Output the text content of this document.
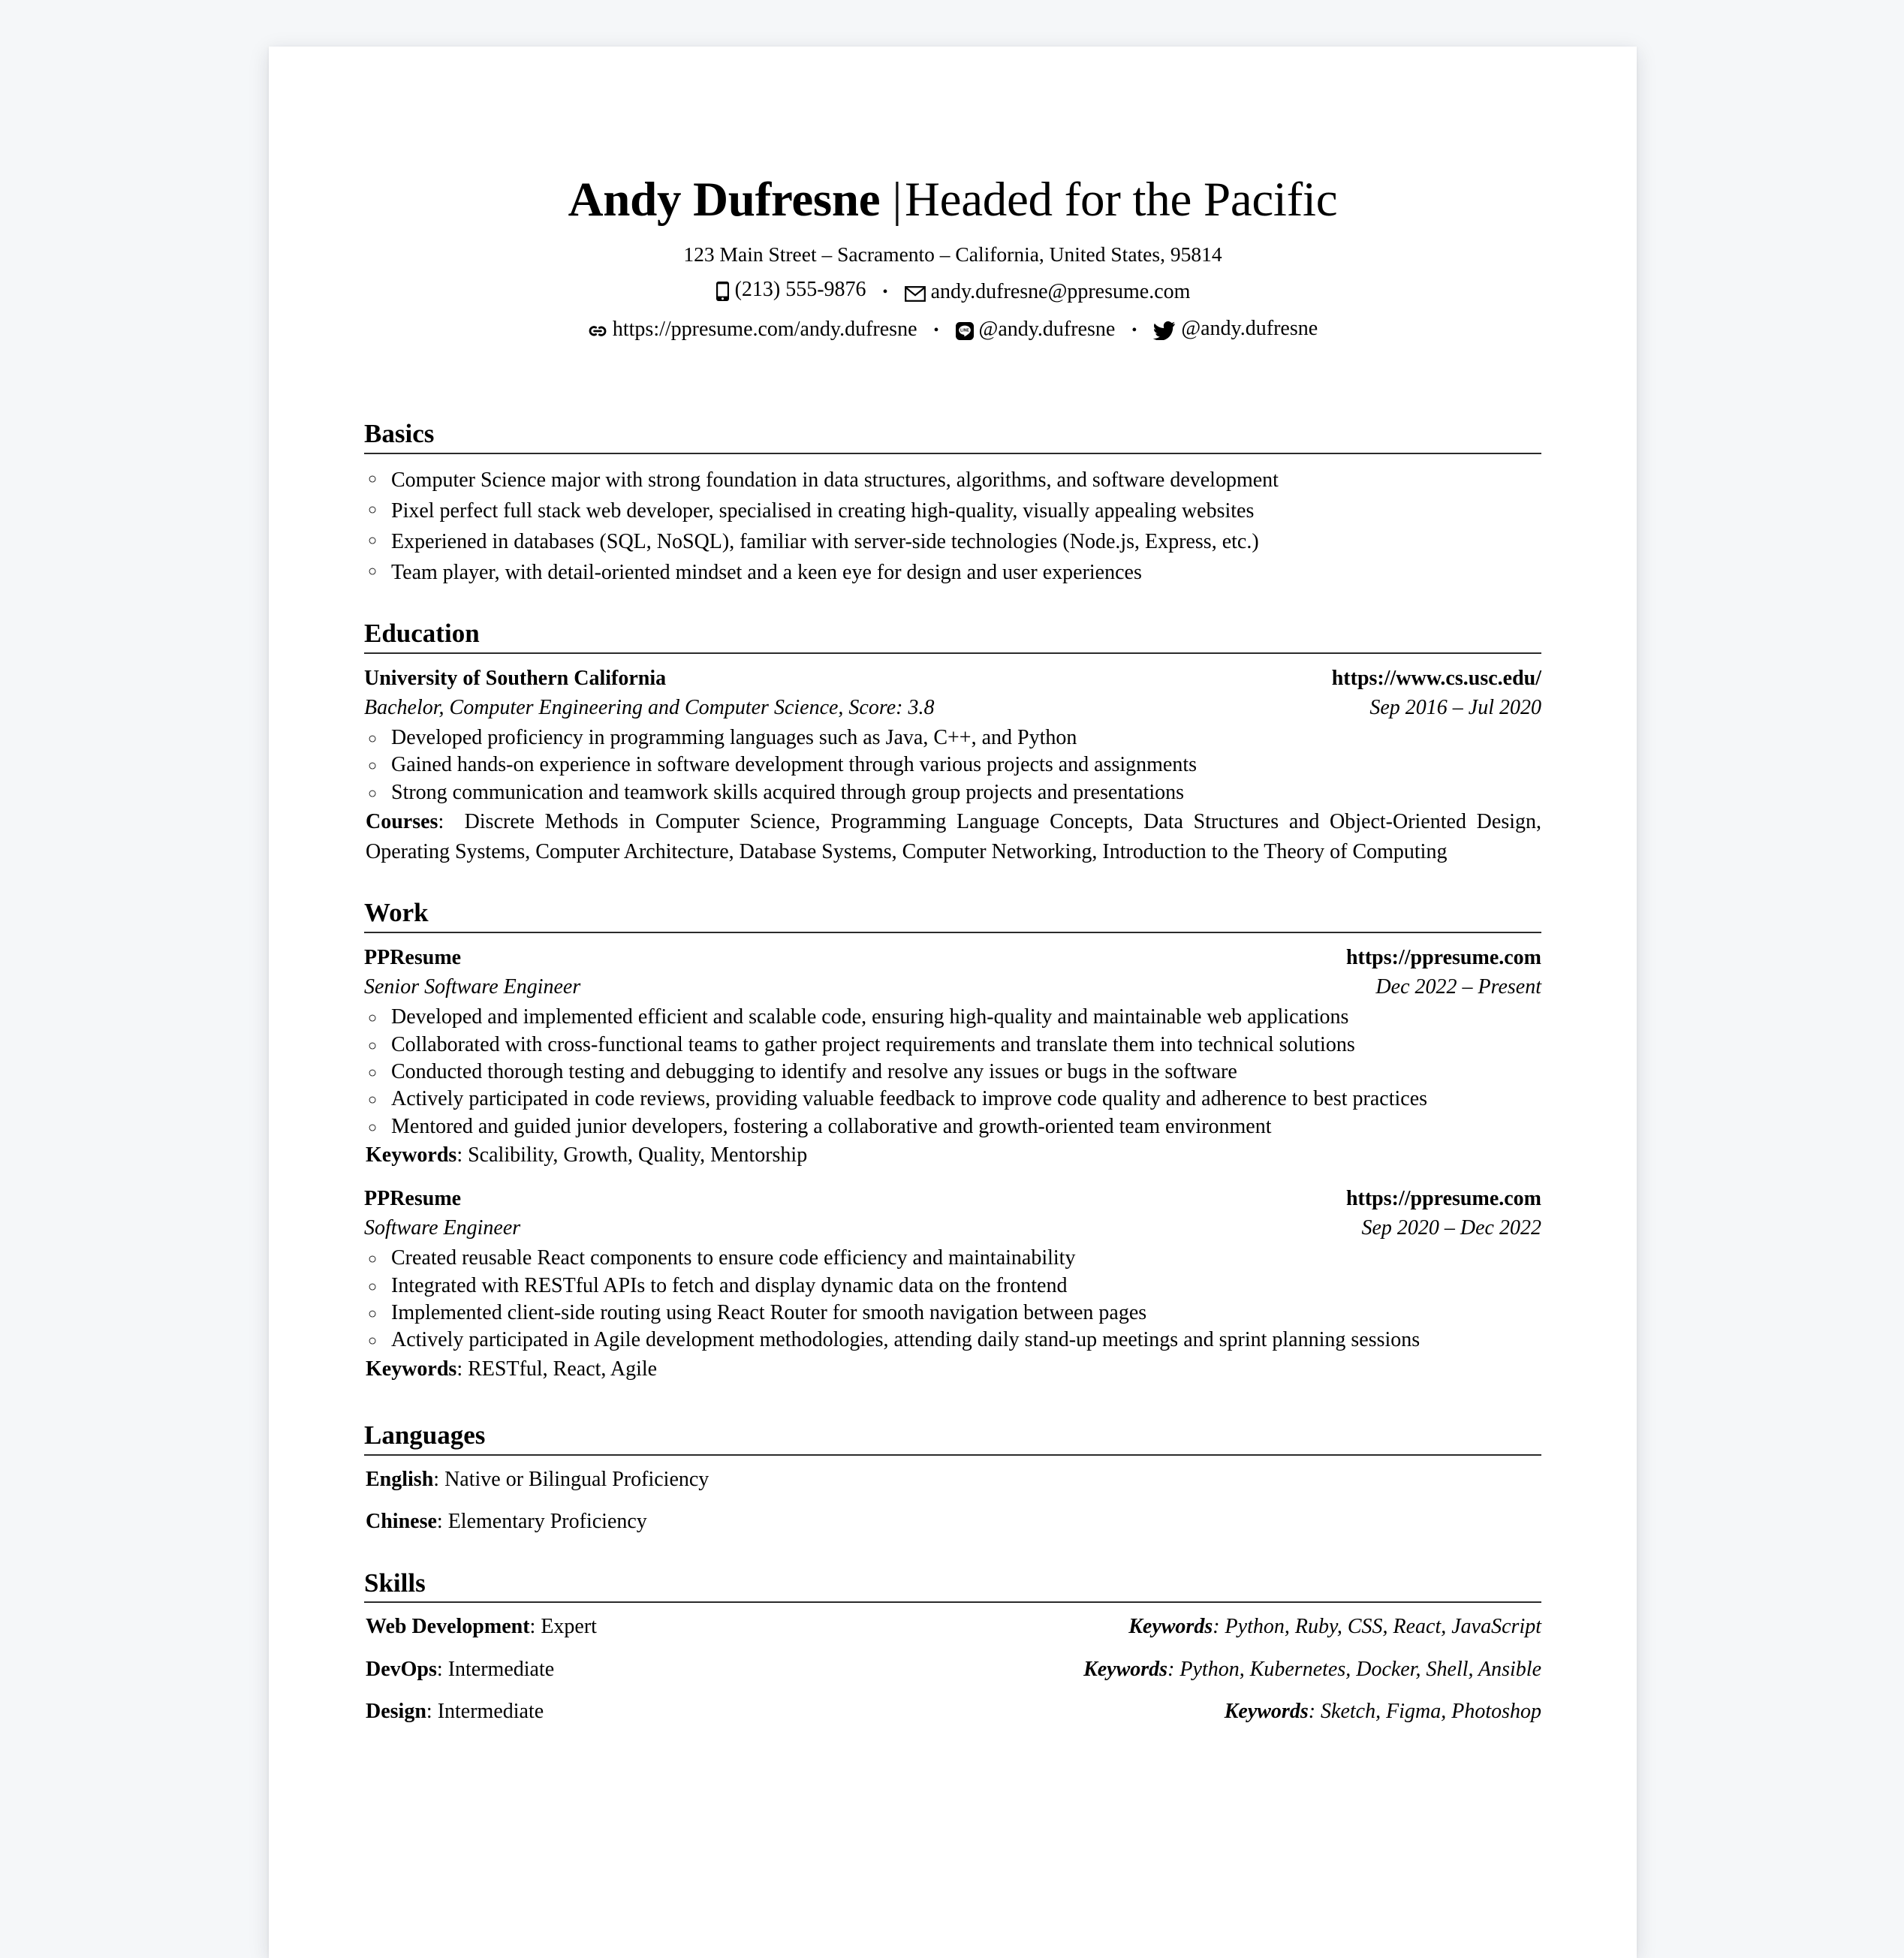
Andy Dufresne |Headed for the Pacific
123 Main Street – Sacramento – California, United States, 95814
(213) 555-9876	•	andy.dufresne@ppresume.com
https://ppresume.com/andy.dufresne	•	LINE @andy.dufresne	•	@andy.dufresne
Basics
○ Computer Science major with strong foundation in data structures, algorithms, and software development
○ Pixel perfect full stack web developer, specialised in creating high-quality, visually appealing websites
○ Experiened in databases (SQL, NoSQL), familiar with server-side technologies (Node.js, Express, etc.)
○ Team player, with detail-oriented mindset and a keen eye for design and user experiences
Education
University of Southern California	https://www.cs.usc.edu/
Bachelor, Computer Engineering and Computer Science, Score: 3.8	Sep 2016 – Jul 2020
○ Developed proficiency in programming languages such as Java, C++, and Python
○ Gained hands-on experience in software development through various projects and assignments
○ Strong communication and teamwork skills acquired through group projects and presentations
Courses:  Discrete Methods in Computer Science, Programming Language Concepts, Data Structures and Object-Oriented Design, Operating Systems, Computer Architecture, Database Systems, Computer Networking, Introduction to the Theory of Computing
Work
PPResume	https://ppresume.com
Senior Software Engineer	Dec 2022 – Present
○ Developed and implemented efficient and scalable code, ensuring high-quality and maintainable web applications
○ Collaborated with cross-functional teams to gather project requirements and translate them into technical solutions
○ Conducted thorough testing and debugging to identify and resolve any issues or bugs in the software
○ Actively participated in code reviews, providing valuable feedback to improve code quality and adherence to best practices
○ Mentored and guided junior developers, fostering a collaborative and growth-oriented team environment
Keywords: Scalibility, Growth, Quality, Mentorship
PPResume	https://ppresume.com
Software Engineer	Sep 2020 – Dec 2022
○ Created reusable React components to ensure code efficiency and maintainability
○ Integrated with RESTful APIs to fetch and display dynamic data on the frontend
○ Implemented client-side routing using React Router for smooth navigation between pages
○ Actively participated in Agile development methodologies, attending daily stand-up meetings and sprint planning sessions
Keywords: RESTful, React, Agile
Languages
English: Native or Bilingual Proficiency
Chinese: Elementary Proficiency
Skills
Web Development: Expert	Keywords: Python, Ruby, CSS, React, JavaScript
DevOps: Intermediate	Keywords: Python, Kubernetes, Docker, Shell, Ansible
Design: Intermediate	Keywords: Sketch, Figma, Photoshop
